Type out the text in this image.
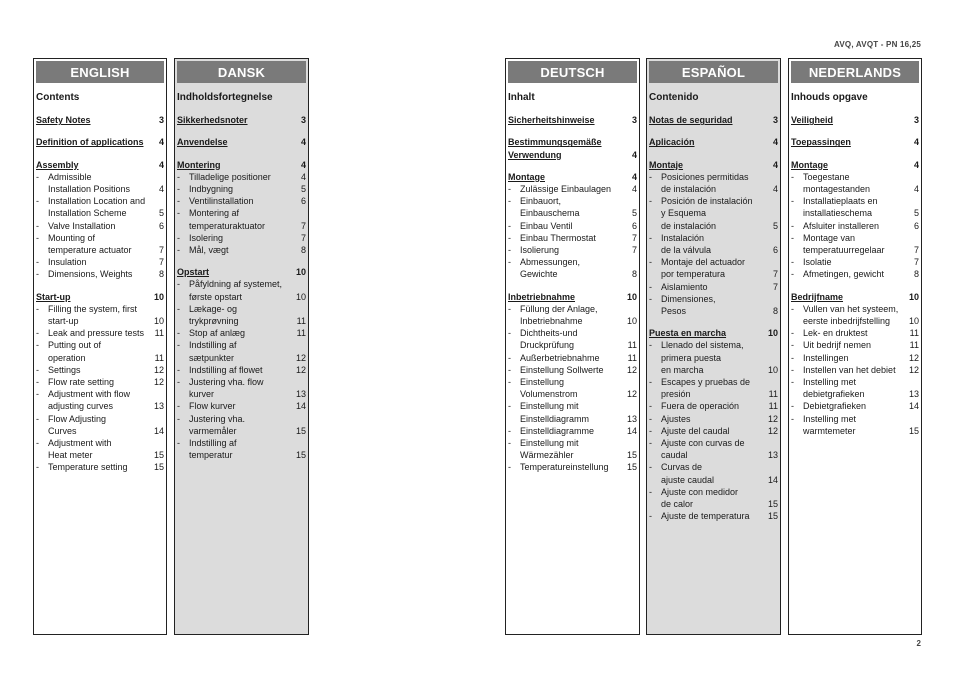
AVQ, AVQT - PN 16,25
ENGLISH
Contents
Safety Notes	3
Definition of applications	4
Assembly	4
-	Admissible
Installation Positions	4
-	Installation Location and
Installation Scheme	5
-	Valve Installation	6
-	Mounting of
temperature actuator	7
-	Insulation	7
-	Dimensions, Weights	8
Start-up	10
-	Filling the system, first
start-up	10
-	Leak and pressure tests	11
-	Putting out of
operation	11
-	Settings	12
-	Flow rate setting	12
-	Adjustment with flow
adjusting curves	13
-	Flow Adjusting
Curves	14
-	Adjustment with
Heat meter	15
-	Temperature setting	15
DANSK
Indholdsfortegnelse
Sikkerhedsnoter	3
Anvendelse	4
Montering	4
-	Tilladelige positioner	4
-	Indbygning	5
-	Ventilinstallation	6
-	Montering af
temperaturaktuator	7
-	Isolering	7
-	Mål, vægt	8
Opstart	10
-	Påfyldning af systemet,
første opstart	10
-	Lækage- og
trykprøvning	11
-	Stop af anlæg	11
-	Indstilling af
sætpunkter	12
-	Indstilling af flowet	12
-	Justering vha. flow
kurver	13
-	Flow kurver	14
-	Justering vha.
varmemåler	15
-	Indstilling af
temperatur	15
DEUTSCH
Inhalt
Sicherheitshinweise	3
Bestimmungsgemäße
Verwendung	4
Montage	4
-	Zulässige Einbaulagen	4
-	Einbauort,
Einbauschema	5
-	Einbau Ventil	6
-	Einbau Thermostat	7
-	Isolierung	7
-	Abmessungen,
Gewichte	8
Inbetriebnahme	10
-	Füllung der Anlage,
Inbetriebnahme	10
-	Dichtheits-und
Druckprüfung	11
-	Außerbetriebnahme	11
-	Einstellung Sollwerte	12
-	Einstellung
Volumenstrom	12
-	Einstellung mit
Einstelldiagramm	13
-	Einstelldiagramme	14
-	Einstellung mit
Wärmezähler	15
-	Temperatureinstellung	15
ESPAÑOL
Contenido
Notas de seguridad	3
Aplicación	4
Montaje	4
-	Posiciones permitidas
de instalación	4
-	Posición de instalación
y Esquema
de instalación	5
-	Instalación
de la válvula	6
-	Montaje del actuador
por temperatura	7
-	Aislamiento	7
-	Dimensiones,
Pesos	8
Puesta en marcha	10
-	Llenado del sistema,
primera puesta
en marcha	10
-	Escapes y pruebas de
presión	11
-	Fuera de operación	11
-	Ajustes	12
-	Ajuste del caudal	12
-	Ajuste con curvas de
caudal	13
-	Curvas de
ajuste caudal	14
-	Ajuste con medidor
de calor	15
-	Ajuste de temperatura	15
NEDERLANDS
Inhouds opgave
Veiligheid	3
Toepassingen	4
Montage	4
-	Toegestane
montagestanden	4
-	Installatieplaats en
installatieschema	5
-	Afsluiter installeren	6
-	Montage van
temperatuurregelaar	7
-	Isolatie	7
-	Afmetingen, gewicht	8
Bedrijfname	10
-	Vullen van het systeem,
eerste inbedrijfstelling	10
-	Lek- en druktest	11
-	Uit bedrijf nemen	11
-	Instellingen	12
-	Instellen van het debiet	12
-	Instelling met
debietgrafieken	13
-	Debietgrafieken	14
-	Instelling met
warmtemeter	15
2
